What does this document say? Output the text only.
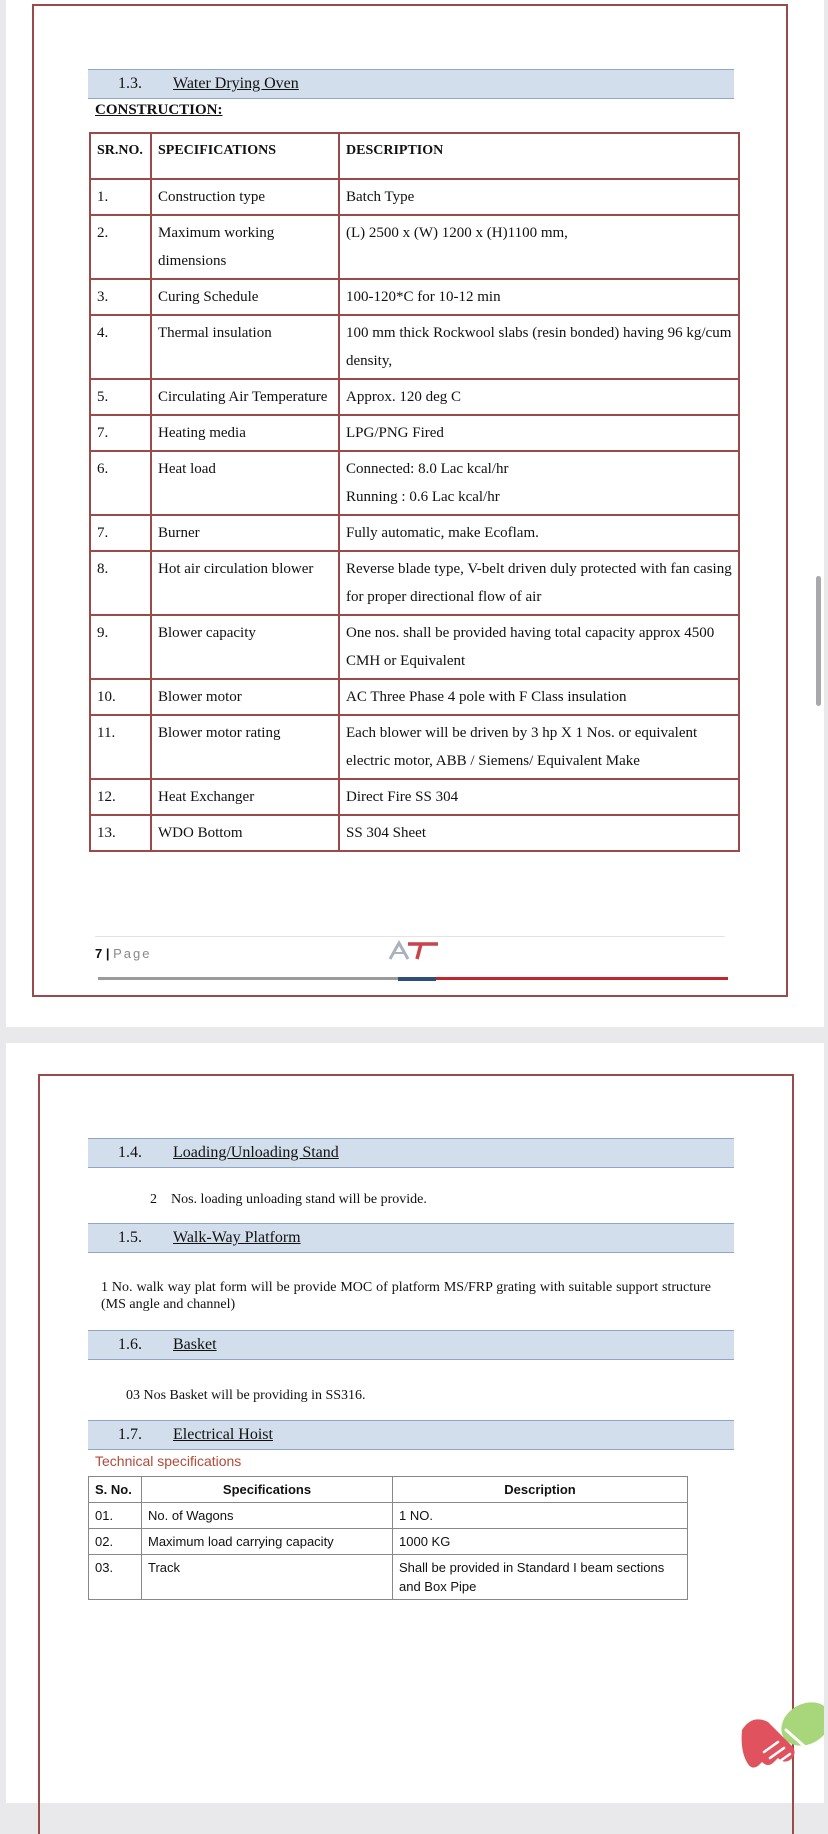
1.3. Water Drying Oven
CONSTRUCTION:
SR.NO.	SPECIFICATIONS	DESCRIPTION
1.	Construction type	Batch Type
2.	Maximum working dimensions	(L) 2500 x (W) 1200 x (H)1100 mm,
3.	Curing Schedule	100-120*C for 10-12 min
4.	Thermal insulation	100 mm thick Rockwool slabs (resin bonded) having 96 kg/cum density,
5.	Circulating Air Temperature	Approx. 120 deg C
7.	Heating media	LPG/PNG Fired
6.	Heat load	Connected: 8.0 Lac kcal/hr
Running : 0.6 Lac kcal/hr
7.	Burner	Fully automatic, make Ecoflam.
8.	Hot air circulation blower	Reverse blade type, V-belt driven duly protected with fan casing for proper directional flow of air
9.	Blower capacity	One nos. shall be provided having total capacity approx 4500 CMH or Equivalent
10.	Blower motor	AC Three Phase 4 pole with F Class insulation
11.	Blower motor rating	Each blower will be driven by 3 hp X 1 Nos. or equivalent electric motor, ABB / Siemens/ Equivalent Make
12.	Heat Exchanger	Direct Fire SS 304
13.	WDO Bottom	SS 304 Sheet
7 | Page
1.4. Loading/Unloading Stand
2    Nos. loading unloading stand will be provide.
1.5. Walk-Way Platform
1 No. walk way plat form will be provide MOC of platform MS/FRP grating with suitable support structure (MS angle and channel)
1.6. Basket
03 Nos Basket will be providing in SS316.
1.7. Electrical Hoist
Technical specifications
S. No.	Specifications	Description
01.	No. of Wagons	1 NO.
02.	Maximum load carrying capacity	1000 KG
03.	Track	Shall be provided in Standard I beam sections and Box Pipe
